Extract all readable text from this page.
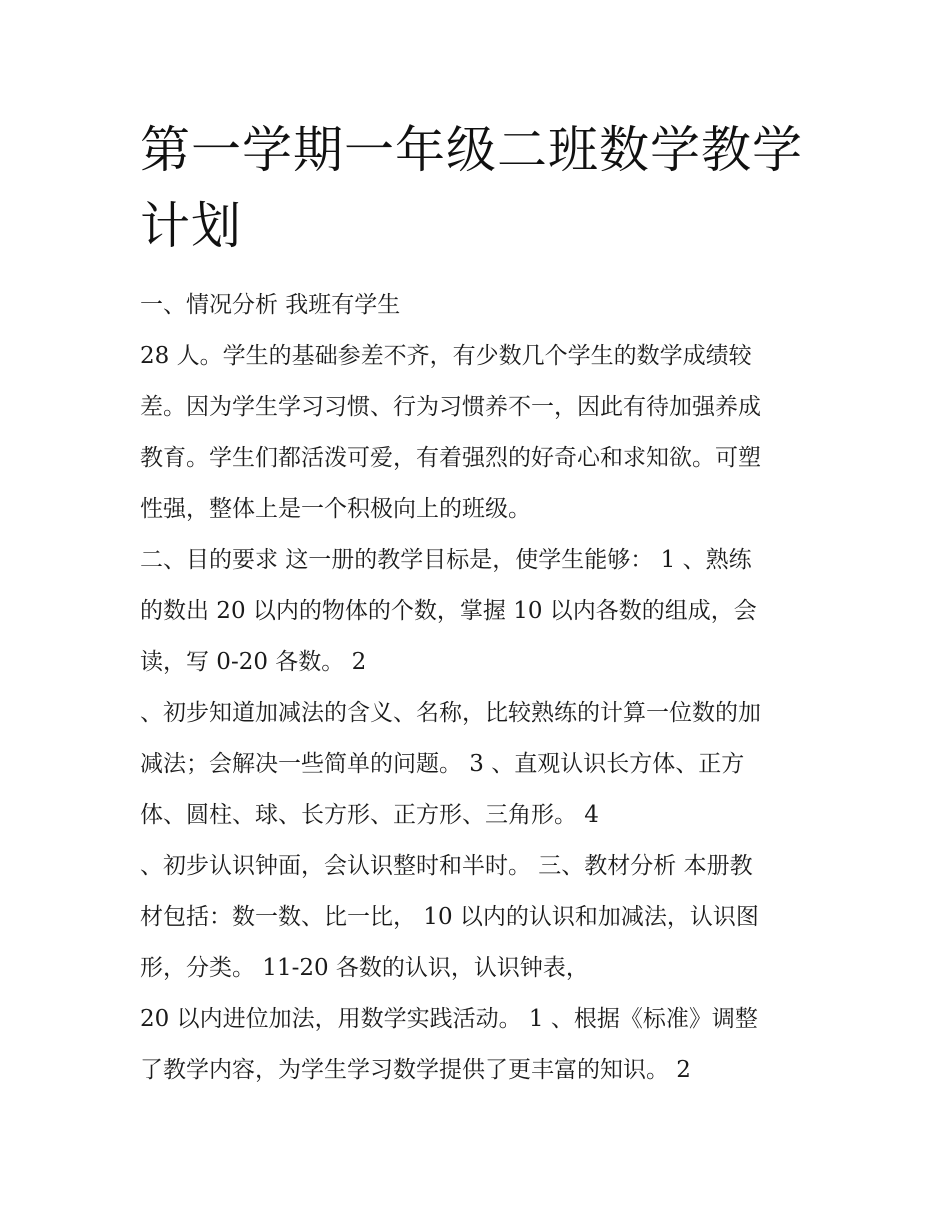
第一学期一年级二班数学教学
计划
一、情况分析 我班有学生
28 人。学生的基础参差不齐，有少数几个学生的数学成绩较
差。因为学生学习习惯、行为习惯养不一，因此有待加强养成
教育。学生们都活泼可爱，有着强烈的好奇心和求知欲。可塑
性强，整体上是一个积极向上的班级。
二、目的要求 这一册的教学目标是，使学生能够： 1 、熟练
的数出 20 以内的物体的个数，掌握 10 以内各数的组成，会
读，写 0-20 各数。 2
、初步知道加减法的含义、名称，比较熟练的计算一位数的加
减法；会解决一些简单的问题。 3 、直观认识长方体、正方
体、圆柱、球、长方形、正方形、三角形。 4
、初步认识钟面，会认识整时和半时。 三、教材分析 本册教
材包括：数一数、比一比， 10 以内的认识和加减法，认识图
形，分类。 11-20 各数的认识，认识钟表，
20 以内进位加法，用数学实践活动。 1 、根据《标准》调整
了教学内容，为学生学习数学提供了更丰富的知识。 2
